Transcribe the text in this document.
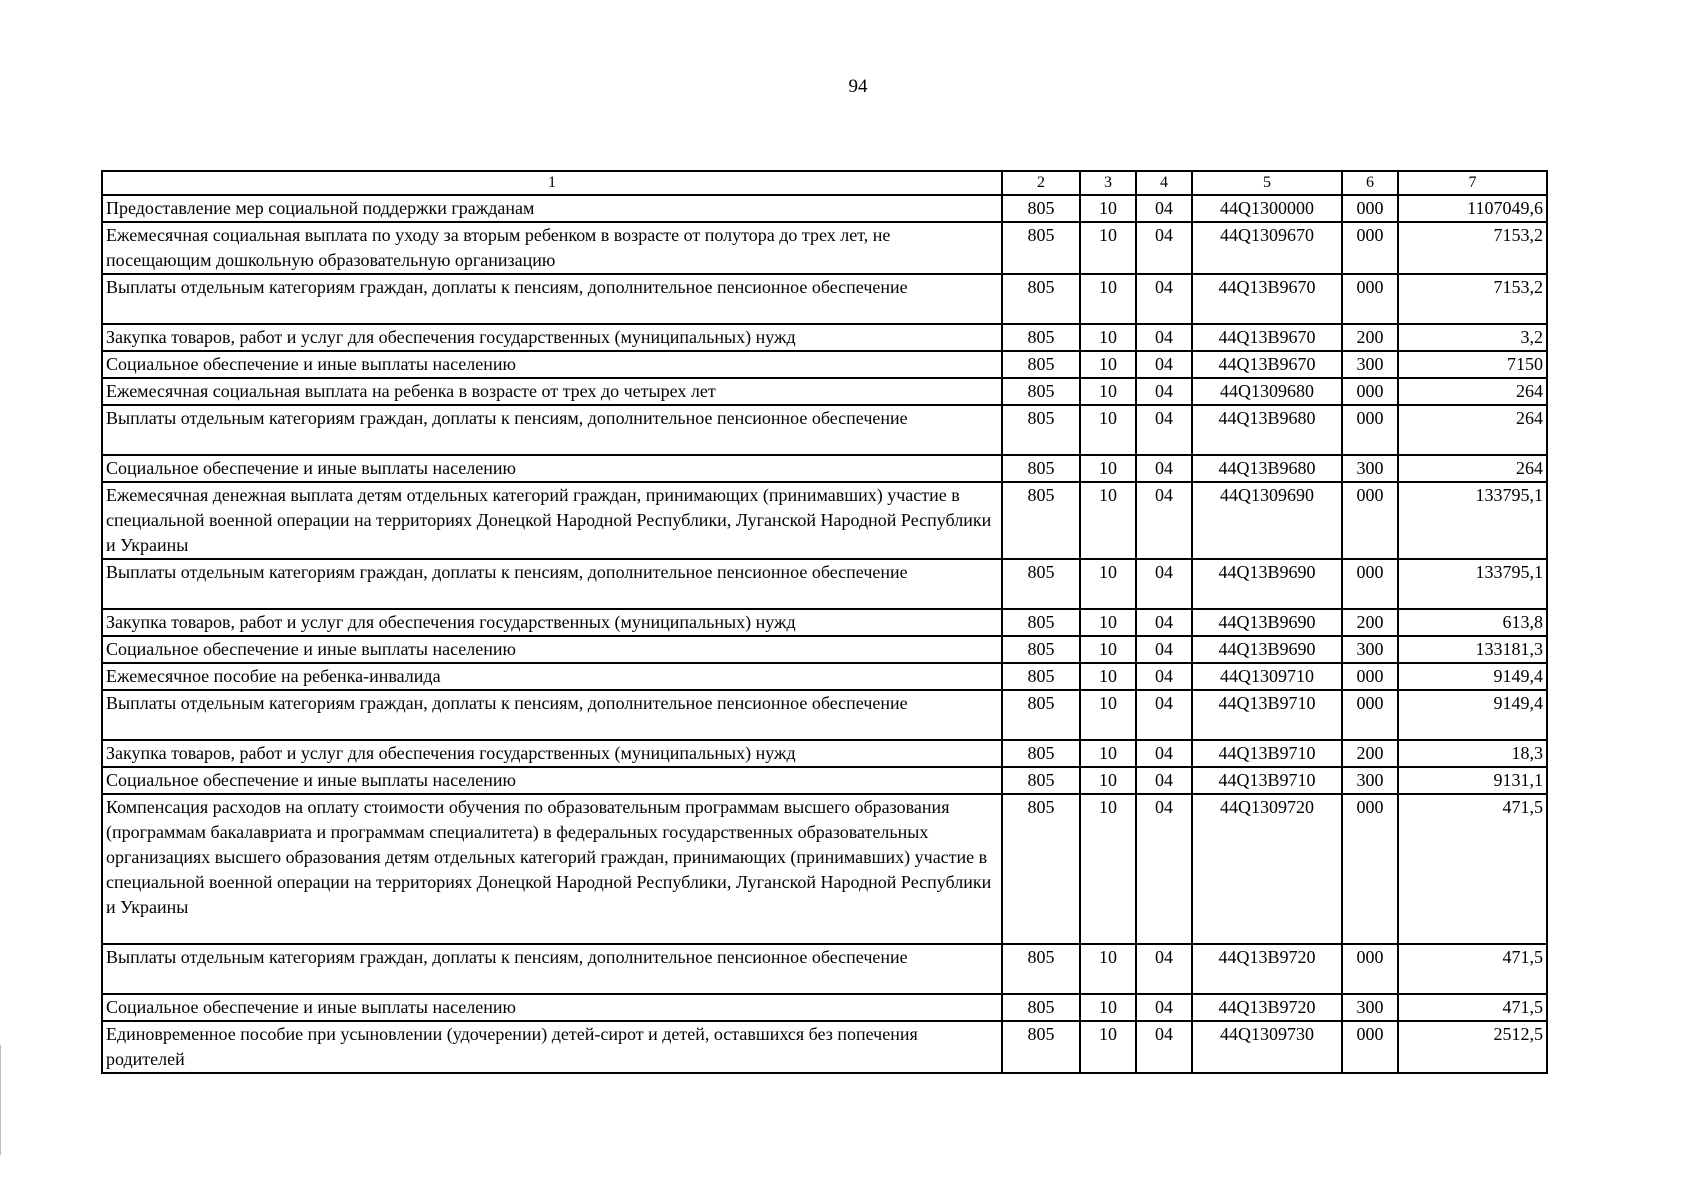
94
1	2	3	4	5	6	7
Предоставление мер социальной поддержки гражданам	805	10	04	44Q1300000	000	1107049,6
Ежемесячная социальная выплата по уходу за вторым ребенком в возрасте от полутора до трех лет, не посещающим дошкольную образовательную организацию	805	10	04	44Q1309670	000	7153,2
Выплаты отдельным категориям граждан, доплаты к пенсиям, дополнительное пенсионное обеспечение	805	10	04	44Q13B9670	000	7153,2
Закупка товаров, работ и услуг для обеспечения государственных (муниципальных) нужд	805	10	04	44Q13B9670	200	3,2
Социальное обеспечение и иные выплаты населению	805	10	04	44Q13B9670	300	7150
Ежемесячная социальная выплата на ребенка в возрасте от трех до четырех лет	805	10	04	44Q1309680	000	264
Выплаты отдельным категориям граждан, доплаты к пенсиям, дополнительное пенсионное обеспечение	805	10	04	44Q13B9680	000	264
Социальное обеспечение и иные выплаты населению	805	10	04	44Q13B9680	300	264
Ежемесячная денежная выплата детям отдельных категорий граждан, принимающих (принимавших) участие в специальной военной операции на территориях Донецкой Народной Республики, Луганской Народной Республики и Украины	805	10	04	44Q1309690	000	133795,1
Выплаты отдельным категориям граждан, доплаты к пенсиям, дополнительное пенсионное обеспечение	805	10	04	44Q13B9690	000	133795,1
Закупка товаров, работ и услуг для обеспечения государственных (муниципальных) нужд	805	10	04	44Q13B9690	200	613,8
Социальное обеспечение и иные выплаты населению	805	10	04	44Q13B9690	300	133181,3
Ежемесячное пособие на ребенка-инвалида	805	10	04	44Q1309710	000	9149,4
Выплаты отдельным категориям граждан, доплаты к пенсиям, дополнительное пенсионное обеспечение	805	10	04	44Q13B9710	000	9149,4
Закупка товаров, работ и услуг для обеспечения государственных (муниципальных) нужд	805	10	04	44Q13B9710	200	18,3
Социальное обеспечение и иные выплаты населению	805	10	04	44Q13B9710	300	9131,1
Компенсация расходов на оплату стоимости обучения по образовательным программам высшего образования (программам бакалавриата и программам специалитета) в федеральных государственных образовательных организациях высшего образования детям отдельных категорий граждан, принимающих (принимавших) участие в специальной военной операции на территориях Донецкой Народной Республики, Луганской Народной Республики и Украины	805	10	04	44Q1309720	000	471,5
Выплаты отдельным категориям граждан, доплаты к пенсиям, дополнительное пенсионное обеспечение	805	10	04	44Q13B9720	000	471,5
Социальное обеспечение и иные выплаты населению	805	10	04	44Q13B9720	300	471,5
Единовременное пособие при усыновлении (удочерении) детей-сирот и детей, оставшихся без попечения родителей	805	10	04	44Q1309730	000	2512,5
